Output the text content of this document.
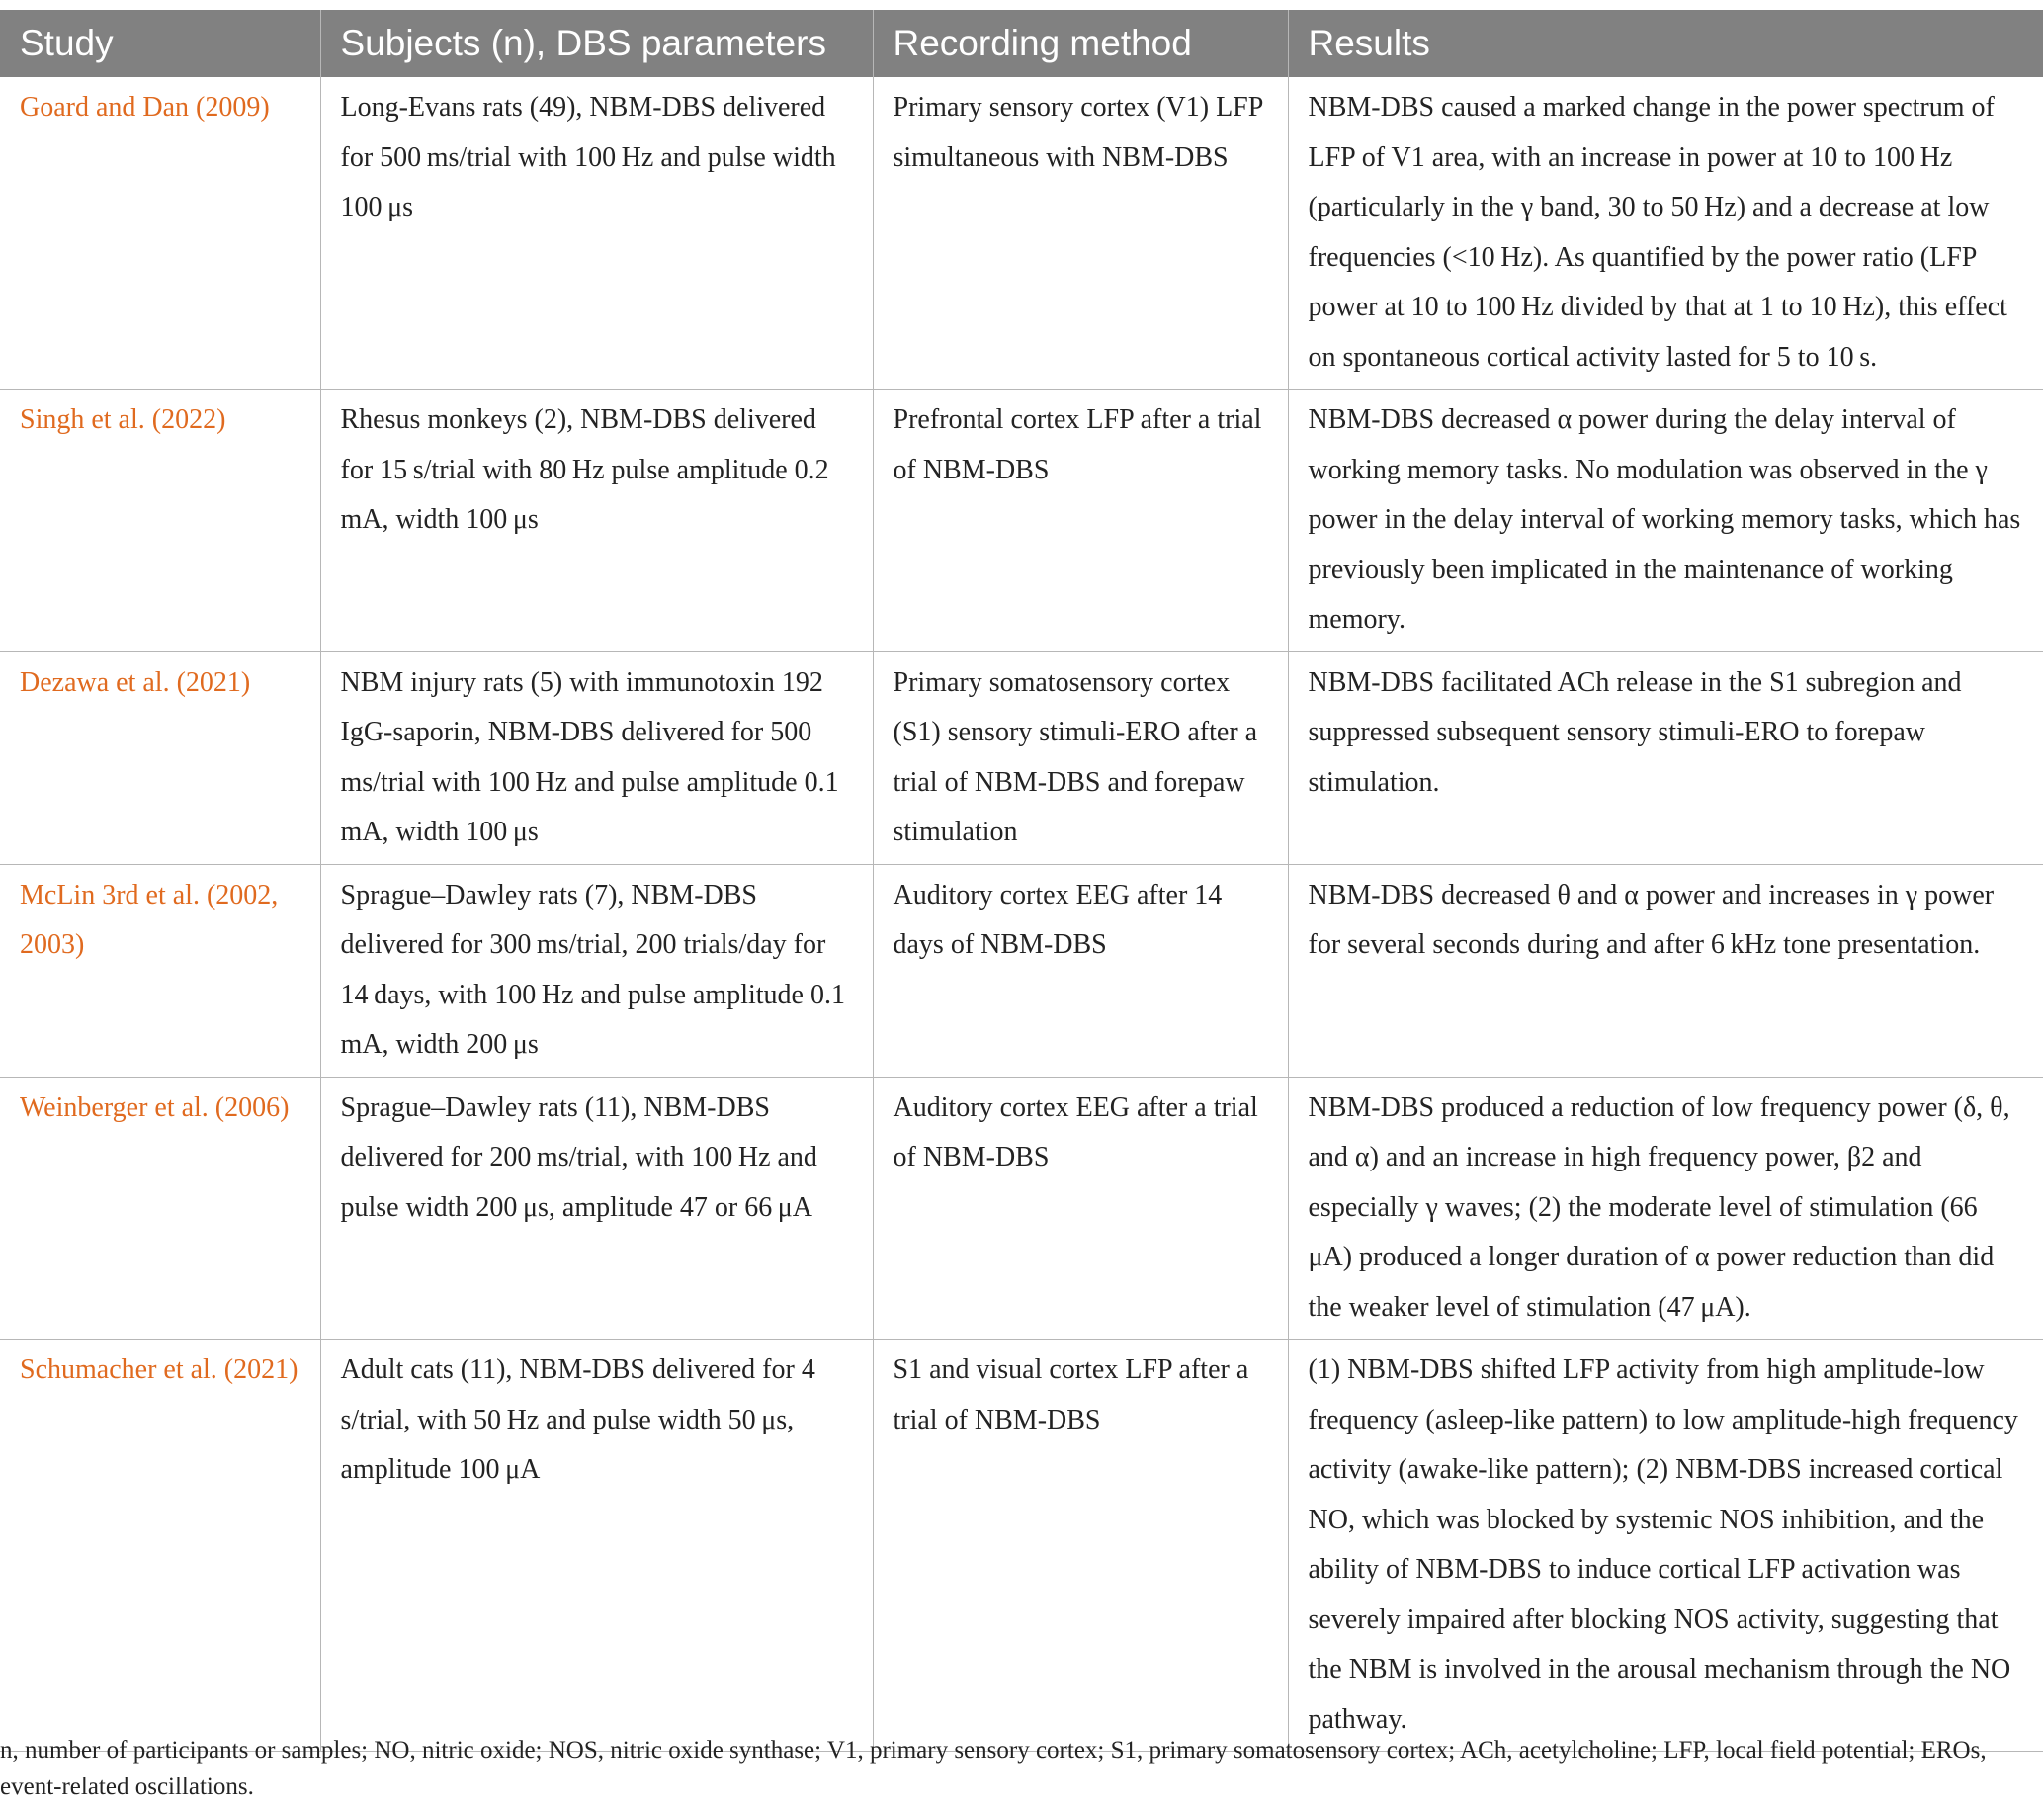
Study	Subjects (n), DBS parameters	Recording method	Results
Goard and Dan (2009)	Long-Evans rats (49), NBM-DBS delivered for 500 ms/trial with 100 Hz and pulse width 100 μs	Primary sensory cortex (V1) LFP simultaneous with NBM-DBS	NBM-DBS caused a marked change in the power spectrum of LFP of V1 area, with an increase in power at 10 to 100 Hz (particularly in the γ band, 30 to 50 Hz) and a decrease at low frequencies (<10 Hz). As quantified by the power ratio (LFP power at 10 to 100 Hz divided by that at 1 to 10 Hz), this effect on spontaneous cortical activity lasted for 5 to 10 s.
Singh et al. (2022)	Rhesus monkeys (2), NBM-DBS delivered for 15 s/trial with 80 Hz pulse amplitude 0.2 mA, width 100 μs	Prefrontal cortex LFP after a trial of NBM-DBS	NBM-DBS decreased α power during the delay interval of working memory tasks. No modulation was observed in the γ power in the delay interval of working memory tasks, which has previously been implicated in the maintenance of working memory.
Dezawa et al. (2021)	NBM injury rats (5) with immunotoxin 192 IgG-saporin, NBM-DBS delivered for 500 ms/trial with 100 Hz and pulse amplitude 0.1 mA, width 100 μs	Primary somatosensory cortex (S1) sensory stimuli-ERO after a trial of NBM-DBS and forepaw stimulation	NBM-DBS facilitated ACh release in the S1 subregion and suppressed subsequent sensory stimuli-ERO to forepaw stimulation.
McLin 3rd et al. (2002, 2003)	Sprague–Dawley rats (7), NBM-DBS delivered for 300 ms/trial, 200 trials/day for 14 days, with 100 Hz and pulse amplitude 0.1 mA, width 200 μs	Auditory cortex EEG after 14 days of NBM-DBS	NBM-DBS decreased θ and α power and increases in γ power for several seconds during and after 6 kHz tone presentation.
Weinberger et al. (2006)	Sprague–Dawley rats (11), NBM-DBS delivered for 200 ms/trial, with 100 Hz and pulse width 200 μs, amplitude 47 or 66 μA	Auditory cortex EEG after a trial of NBM-DBS	NBM-DBS produced a reduction of low frequency power (δ, θ, and α) and an increase in high frequency power, β2 and especially γ waves; (2) the moderate level of stimulation (66 μA) produced a longer duration of α power reduction than did the weaker level of stimulation (47 μA).
Schumacher et al. (2021)	Adult cats (11), NBM-DBS delivered for 4 s/trial, with 50 Hz and pulse width 50 μs, amplitude 100 μA	S1 and visual cortex LFP after a trial of NBM-DBS	(1) NBM-DBS shifted LFP activity from high amplitude-low frequency (asleep-like pattern) to low amplitude-high frequency activity (awake-like pattern); (2) NBM-DBS increased cortical NO, which was blocked by systemic NOS inhibition, and the ability of NBM-DBS to induce cortical LFP activation was severely impaired after blocking NOS activity, suggesting that the NBM is involved in the arousal mechanism through the NO pathway.
n, number of participants or samples; NO, nitric oxide; NOS, nitric oxide synthase; V1, primary sensory cortex; S1, primary somatosensory cortex; ACh, acetylcholine; LFP, local field potential; EROs, event-related oscillations.
